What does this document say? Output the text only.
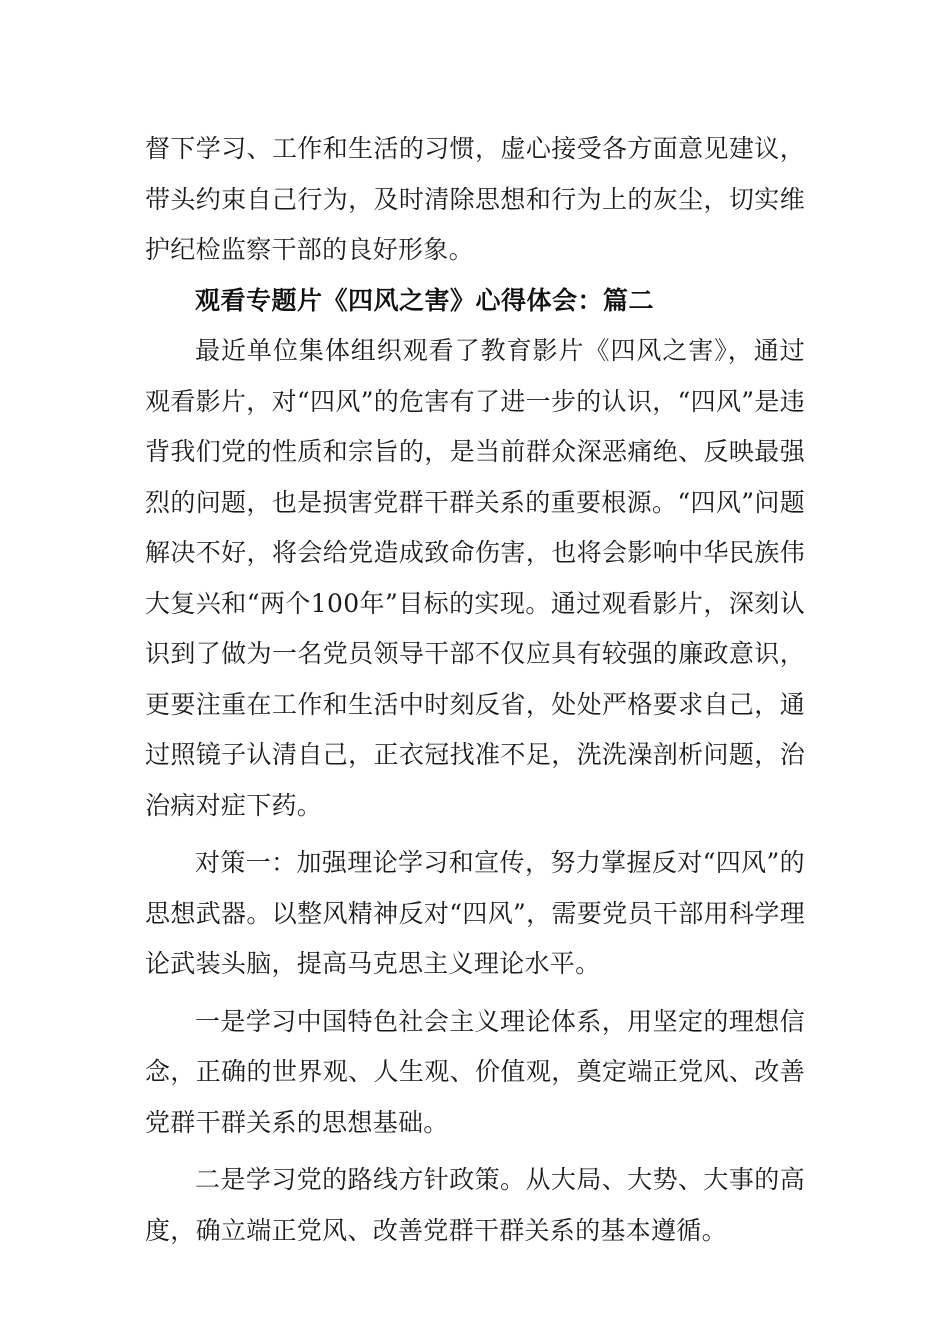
督下学习、工作和生活的习惯，虚心接受各方面意见建议，带头约束自己行为，及时清除思想和行为上的灰尘，切实维护纪检监察干部的良好形象。

观看专题片《四风之害》心得体会：篇二

最近单位集体组织观看了教育影片《四风之害》，通过观看影片，对“四风”的危害有了进一步的认识，“四风”是违背我们党的性质和宗旨的，是当前群众深恶痛绝、反映最强烈的问题，也是损害党群干群关系的重要根源。“四风”问题解决不好，将会给党造成致命伤害，也将会影响中华民族伟大复兴和“两个100年”目标的实现。通过观看影片，深刻认识到了做为一名党员领导干部不仅应具有较强的廉政意识，更要注重在工作和生活中时刻反省，处处严格要求自己，通过照镜子认清自己，正衣冠找准不足，洗洗澡剖析问题，治治病对症下药。

对策一：加强理论学习和宣传，努力掌握反对“四风”的思想武器。以整风精神反对“四风”，需要党员干部用科学理论武装头脑，提高马克思主义理论水平。

一是学习中国特色社会主义理论体系，用坚定的理想信念，正确的世界观、人生观、价值观，奠定端正党风、改善党群干群关系的思想基础。

二是学习党的路线方针政策。从大局、大势、大事的高度，确立端正党风、改善党群干群关系的基本遵循。
